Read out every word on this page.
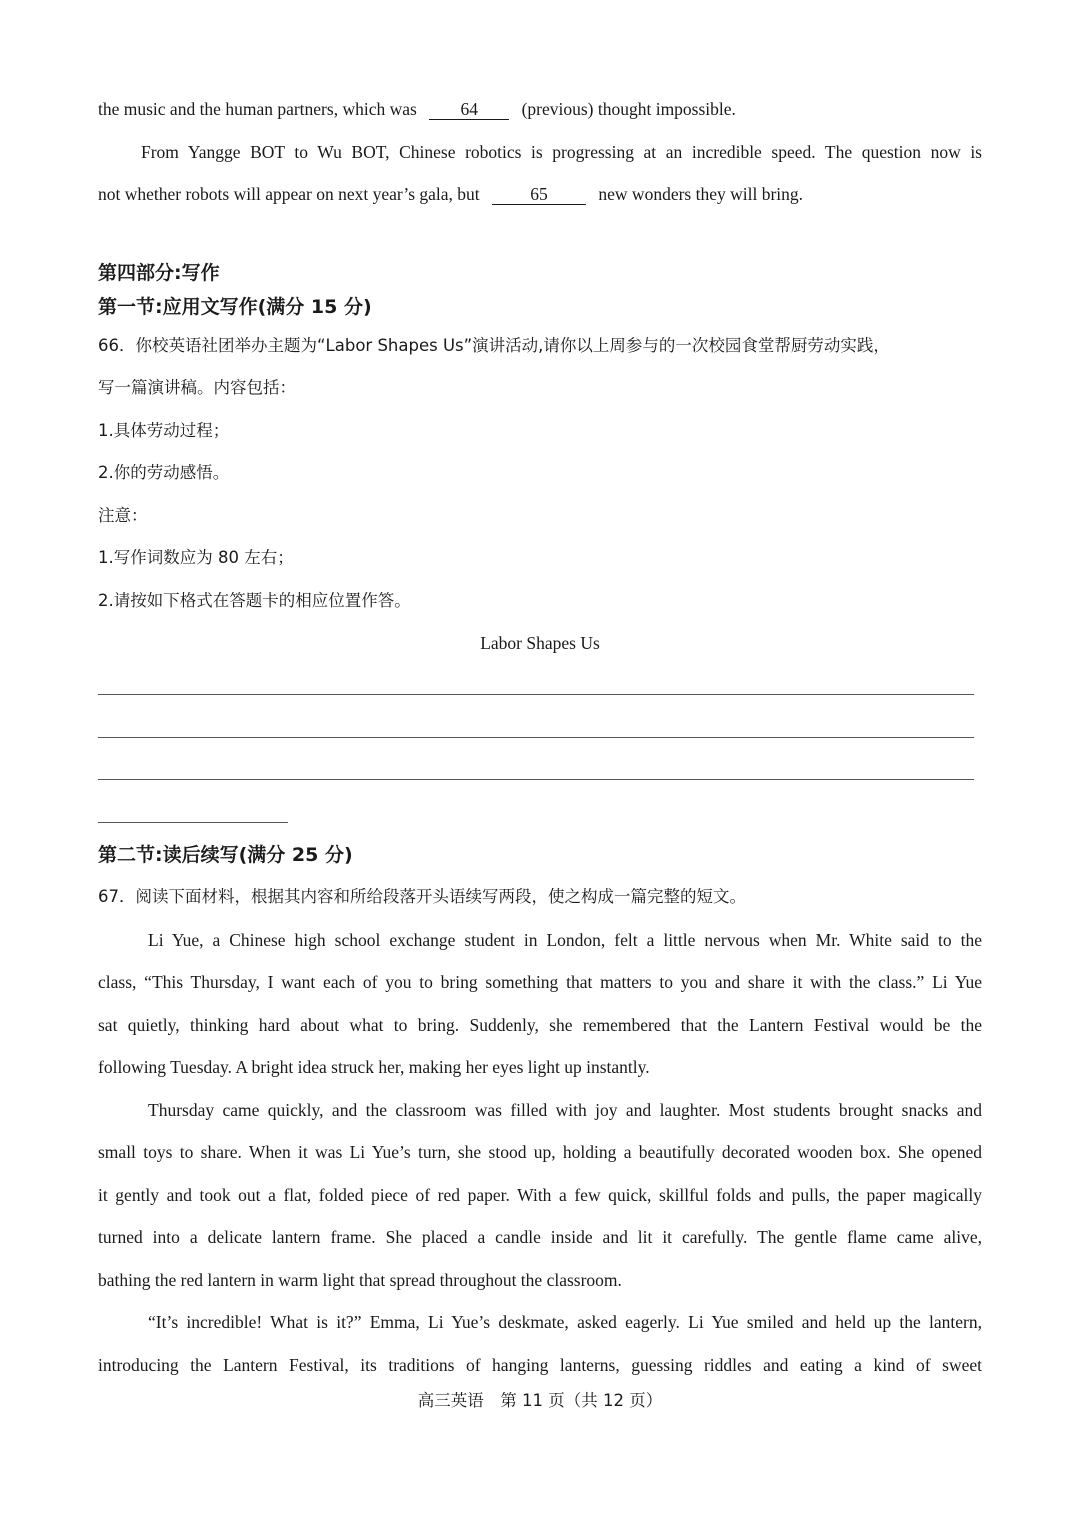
the music and the human partners, which was 64 (previous) thought impossible.
From Yangge BOT to Wu BOT, Chinese robotics is progressing at an incredible speed. The question now is
not whether robots will appear on next year’s gala, but	65	new wonders they will bring.
第四部分:写作
第一节:应用文写作(满分 15 分)
66．你校英语社团举办主题为“Labor Shapes Us”演讲活动,请你以上周参与的一次校园食堂帮厨劳动实践，
写一篇演讲稿。内容包括：
1.具体劳动过程；
2.你的劳动感悟。
注意：
1.写作词数应为 80 左右；
2.请按如下格式在答题卡的相应位置作答。
Labor Shapes Us
第二节:读后续写(满分 25 分)
67．阅读下面材料，根据其内容和所给段落开头语续写两段，使之构成一篇完整的短文。
Li Yue, a Chinese high school exchange student in London, felt a little nervous when Mr. White said to the
class, “This Thursday, I want each of you to bring something that matters to you and share it with the class.” Li Yue
sat quietly, thinking hard about what to bring. Suddenly, she remembered that the Lantern Festival would be the
following Tuesday. A bright idea struck her, making her eyes light up instantly.
Thursday came quickly, and the classroom was filled with joy and laughter. Most students brought snacks and
small toys to share. When it was Li Yue’s turn, she stood up, holding a beautifully decorated wooden box. She opened
it gently and took out a flat, folded piece of red paper. With a few quick, skillful folds and pulls, the paper magically
turned into a delicate lantern frame. She placed a candle inside and lit it carefully. The gentle flame came alive,
bathing the red lantern in warm light that spread throughout the classroom.
“It’s incredible! What is it?” Emma, Li Yue’s deskmate, asked eagerly. Li Yue smiled and held up the lantern,
introducing the Lantern Festival, its traditions of hanging lanterns, guessing riddles and eating a kind of sweet
高三英语　第 11 页（共 12 页）
